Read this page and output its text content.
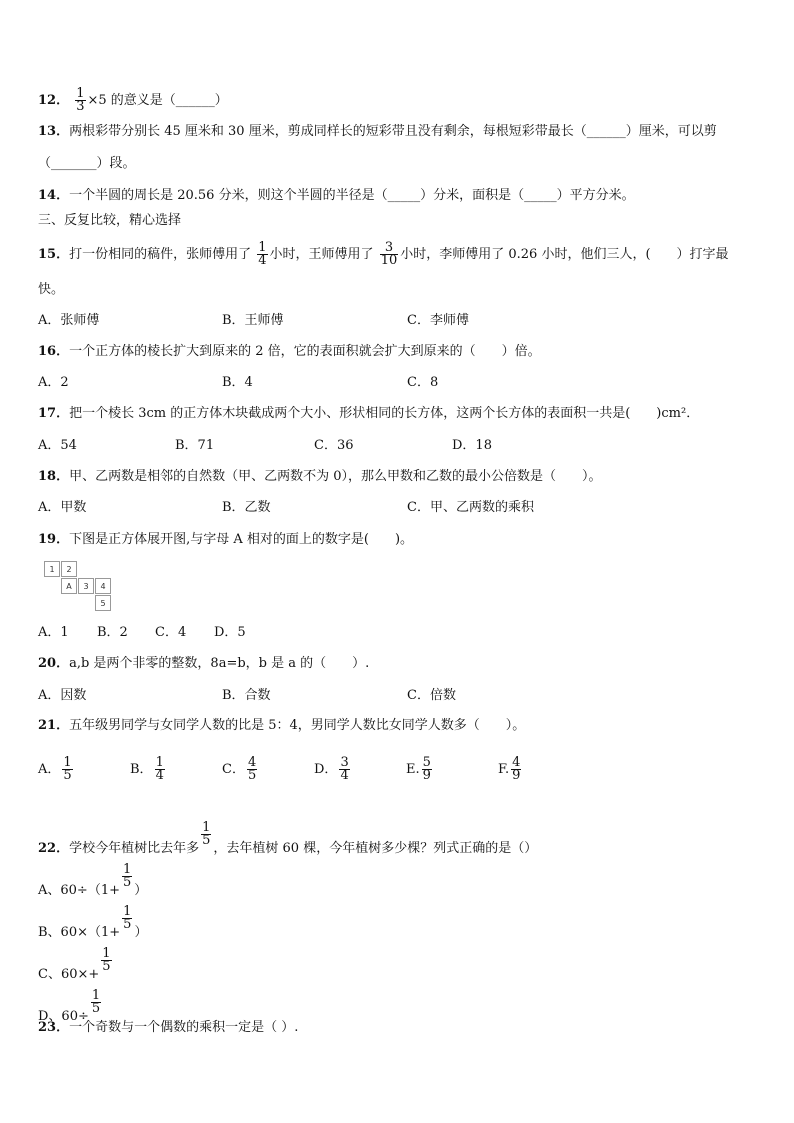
12． $\frac{1}{3} \times 5$ 的意义是（______）
13．两根彩带分别长 45 厘米和 30 厘米，剪成同样长的短彩带且没有剩余，每根短彩带最长（______）厘米，可以剪
（_______）段。
14．一个半圆的周长是 20.56 分米，则这个半圆的半径是（_____）分米，面积是（_____）平方分米。
三、反复比较，精心选择
15．打一份相同的稿件，张师傅用了 $\frac{1}{4}$ 小时，王师傅用了 $\frac{3}{10}$ 小时，李师傅用了 0.26 小时，他们三人，(　　）打字最
快。
A．张师傅	B．王师傅	C．李师傅
16．一个正方体的棱长扩大到原来的 2 倍，它的表面积就会扩大到原来的（　　）倍。
A．2	B．4	C．8
17．把一个棱长 3cm 的正方体木块截成两个大小、形状相同的长方体，这两个长方体的表面积一共是(　　)cm²．
A．54	B．71	C．36	D．18
18．甲、乙两数是相邻的自然数（甲、乙两数不为 0），那么甲数和乙数的最小公倍数是（　　）。
A．甲数	B．乙数	C．甲、乙两数的乘积
19．下图是正方体展开图,与字母 A 相对的面上的数字是(　　)。
1	2
A	3	4
5
A．1 B．2 C．4 D．5
20．a,b 是两个非零的整数，8a=b，b 是 a 的（　　）.
A．因数	B．合数	C．倍数
21．五年级男同学与女同学人数的比是 5：4，男同学人数比女同学人数多（　　）。
A． $\frac{1}{5}$	B． $\frac{1}{4}$	C． $\frac{4}{5}$	D． $\frac{3}{4}$	E. $\frac{5}{9}$	F. $\frac{4}{9}$
22．学校今年植树比去年多
$\frac{1}{5}$
，去年植树 60 棵，今年植树多少棵？列式正确的是（）
A、60÷（1+
$\frac{1}{5}$
）
B、60×（1+
$\frac{1}{5}$
）
C、60×+
$\frac{1}{5}$
D、60÷
$\frac{1}{5}$
23．一个奇数与一个偶数的乘积一定是（ ）.
